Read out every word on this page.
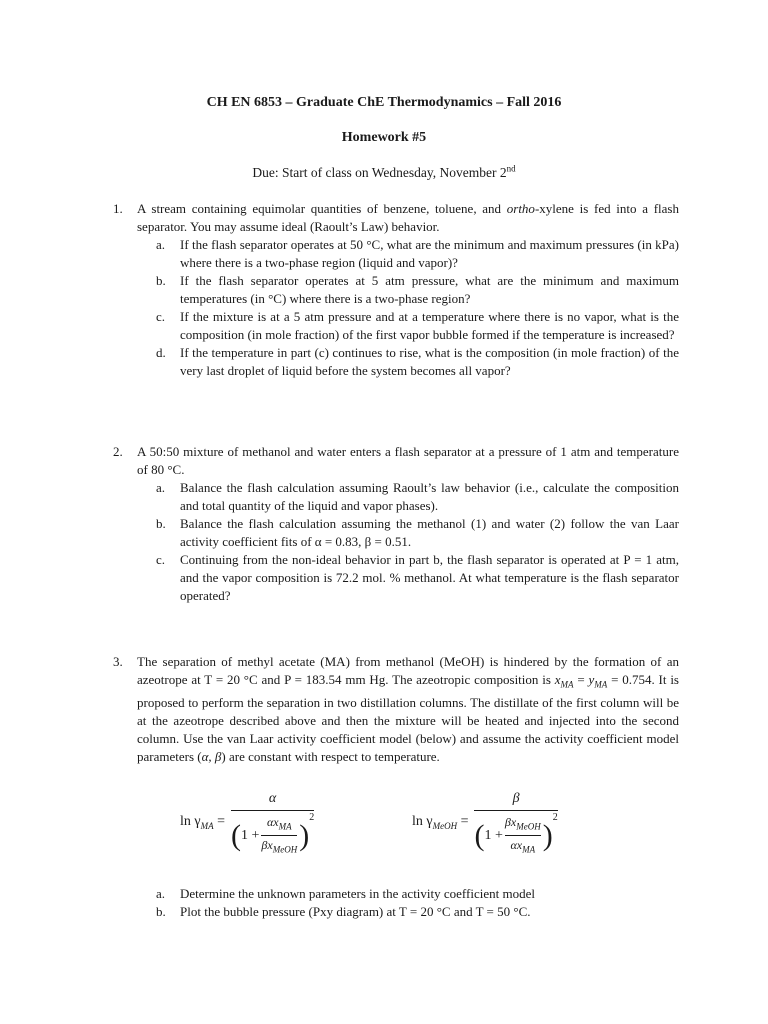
CH EN 6853 – Graduate ChE Thermodynamics – Fall 2016
Homework #5
Due: Start of class on Wednesday, November 2nd
1. A stream containing equimolar quantities of benzene, toluene, and ortho-xylene is fed into a flash separator. You may assume ideal (Raoult’s Law) behavior.
a. If the flash separator operates at 50 °C, what are the minimum and maximum pressures (in kPa) where there is a two-phase region (liquid and vapor)?
b. If the flash separator operates at 5 atm pressure, what are the minimum and maximum temperatures (in °C) where there is a two-phase region?
c. If the mixture is at a 5 atm pressure and at a temperature where there is no vapor, what is the composition (in mole fraction) of the first vapor bubble formed if the temperature is increased?
d. If the temperature in part (c) continues to rise, what is the composition (in mole fraction) of the very last droplet of liquid before the system becomes all vapor?
2. A 50:50 mixture of methanol and water enters a flash separator at a pressure of 1 atm and temperature of 80 °C.
a. Balance the flash calculation assuming Raoult’s law behavior (i.e., calculate the composition and total quantity of the liquid and vapor phases).
b. Balance the flash calculation assuming the methanol (1) and water (2) follow the van Laar activity coefficient fits of α = 0.83, β = 0.51.
c. Continuing from the non-ideal behavior in part b, the flash separator is operated at P = 1 atm, and the vapor composition is 72.2 mol. % methanol. At what temperature is the flash separator operated?
3. The separation of methyl acetate (MA) from methanol (MeOH) is hindered by the formation of an azeotrope at T = 20 °C and P = 183.54 mm Hg. The azeotropic composition is $x_{MA} = y_{MA} = 0.754$. It is proposed to perform the separation in two distillation columns. The distillate of the first column will be at the azeotrope described above and then the mixture will be heated and injected into the second column. Use the van Laar activity coefficient model (below) and assume the activity coefficient model parameters (α, β) are constant with respect to temperature.
$\ln \gamma_{MA}$ =
α
( $1 + \frac{\alpha x_{MA}}{\beta x_{MeOH}}$ )
2	$\ln \gamma_{MeOH}$ =
β
( $1 + \frac{\beta x_{MeOH}}{\alpha x_{MA}}$ )
2
a. Determine the unknown parameters in the activity coefficient model
b. Plot the bubble pressure (Pxy diagram) at T = 20 °C and T = 50 °C.
